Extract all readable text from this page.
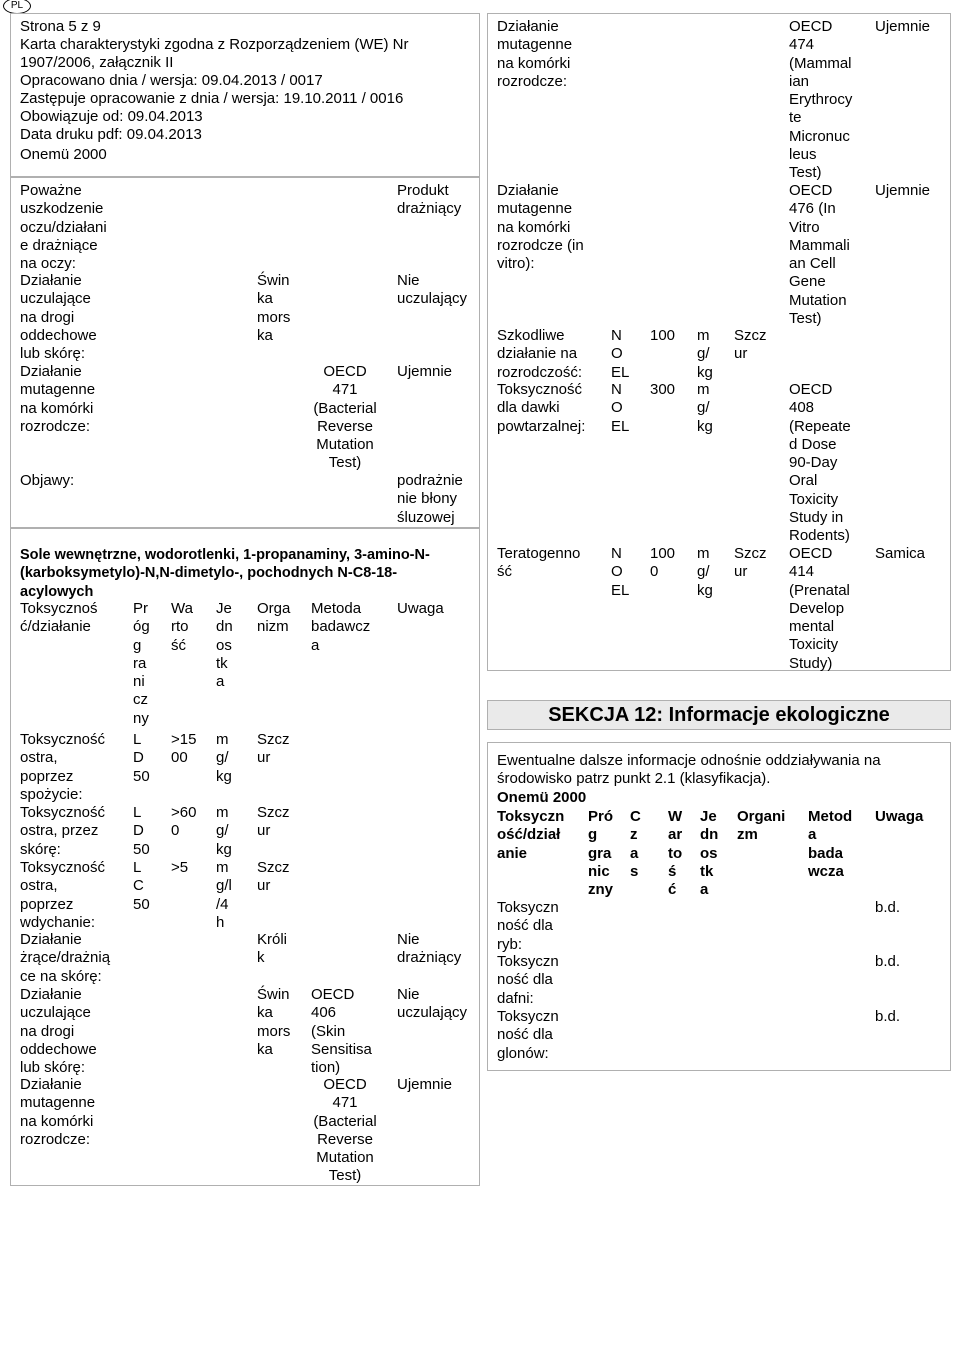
PL
Strona 5 z 9
Karta charakterystyki zgodna z Rozporządzeniem (WE) Nr
1907/2006, załącznik II
Opracowano dnia / wersja: 09.04.2013 / 0017
Zastępuje opracowanie z dnia / wersja: 19.10.2011 / 0016
Obowiązuje od: 09.04.2013
Data druku pdf: 09.04.2013
Onemü 2000
Poważne
uszkodzenie
oczu/działani
e drażniące
na oczy:
Produkt
drażniący
Działanie
uczulające
na drogi
oddechowe
lub skórę:
Świn
ka
mors
ka
Nie
uczulający
Działanie
mutagenne
na komórki
rozrodcze:
OECD
471
(Bacterial
Reverse
Mutation
Test)
Ujemnie
Objawy:	podrażnie
nie błony
śluzowej
Sole wewnętrzne, wodorotlenki, 1-propanaminy, 3-amino-N-
(karboksymetylo)-N,N-dimetylo-, pochodnych N-C8-18-
acylowych
Toksycznoś
ć/działanie
Pr
óg
g
ra
ni
cz
ny
Wa
rto
ść
Je
dn
os
tk
a
Orga
nizm
Metoda
badawcz
a
Uwaga
Toksyczność
ostra,
poprzez
spożycie:
L
D
50
>15
00
m
g/
kg
Szcz
ur
Toksyczność
ostra, przez
skórę:
L
D
50
>60
0
m
g/
kg
Szcz
ur
Toksyczność
ostra,
poprzez
wdychanie:
L
C
50
>5 m
g/l
/4
h
Szcz
ur
Działanie
żrące/drażnią
ce na skórę:
Króli
k
Nie
drażniący
Działanie
uczulające
na drogi
oddechowe
lub skórę:
Świn
ka
mors
ka
OECD
406
(Skin
Sensitisa
tion)
Nie
uczulający
Działanie
mutagenne
na komórki
rozrodcze:
OECD
471
(Bacterial
Reverse
Mutation
Test)
Ujemnie
Działanie
mutagenne
na komórki
rozrodcze:
OECD
474
(Mammal
ian
Erythrocy
te
Micronuc
leus
Test)
Ujemnie
Działanie
mutagenne
na komórki
rozrodcze (in
vitro):
OECD
476 (In
Vitro
Mammali
an Cell
Gene
Mutation
Test)
Ujemnie
Szkodliwe
działanie na
rozrodczość:
N
O
EL
100 m
g/
kg
Szcz
ur
Toksyczność
dla dawki
powtarzalnej:
N
O
EL
300 m
g/
kg
OECD
408
(Repeate
d Dose
90-Day
Oral
Toxicity
Study in
Rodents)
Teratogenno
ść
N
O
EL
100
0
m
g/
kg
Szcz
ur
OECD
414
(Prenatal
Develop
mental
Toxicity
Study)
Samica
SEKCJA 12: Informacje ekologiczne
Ewentualne dalsze informacje odnośnie oddziaływania na
środowisko patrz punkt 2.1 (klasyfikacja).
Onemü 2000
Toksyczn
ość/dział
anie
Pró
g
gra
nic
zny
C
z
a
s
W
ar
to
ś
ć
Je
dn
os
tk
a
Organi
zm
Metod
a
bada
wcza
Uwaga
Toksyczn
ność dla
ryb:
b.d.
Toksyczn
ność dla
dafni:
b.d.
Toksyczn
ność dla
glonów:
b.d.
